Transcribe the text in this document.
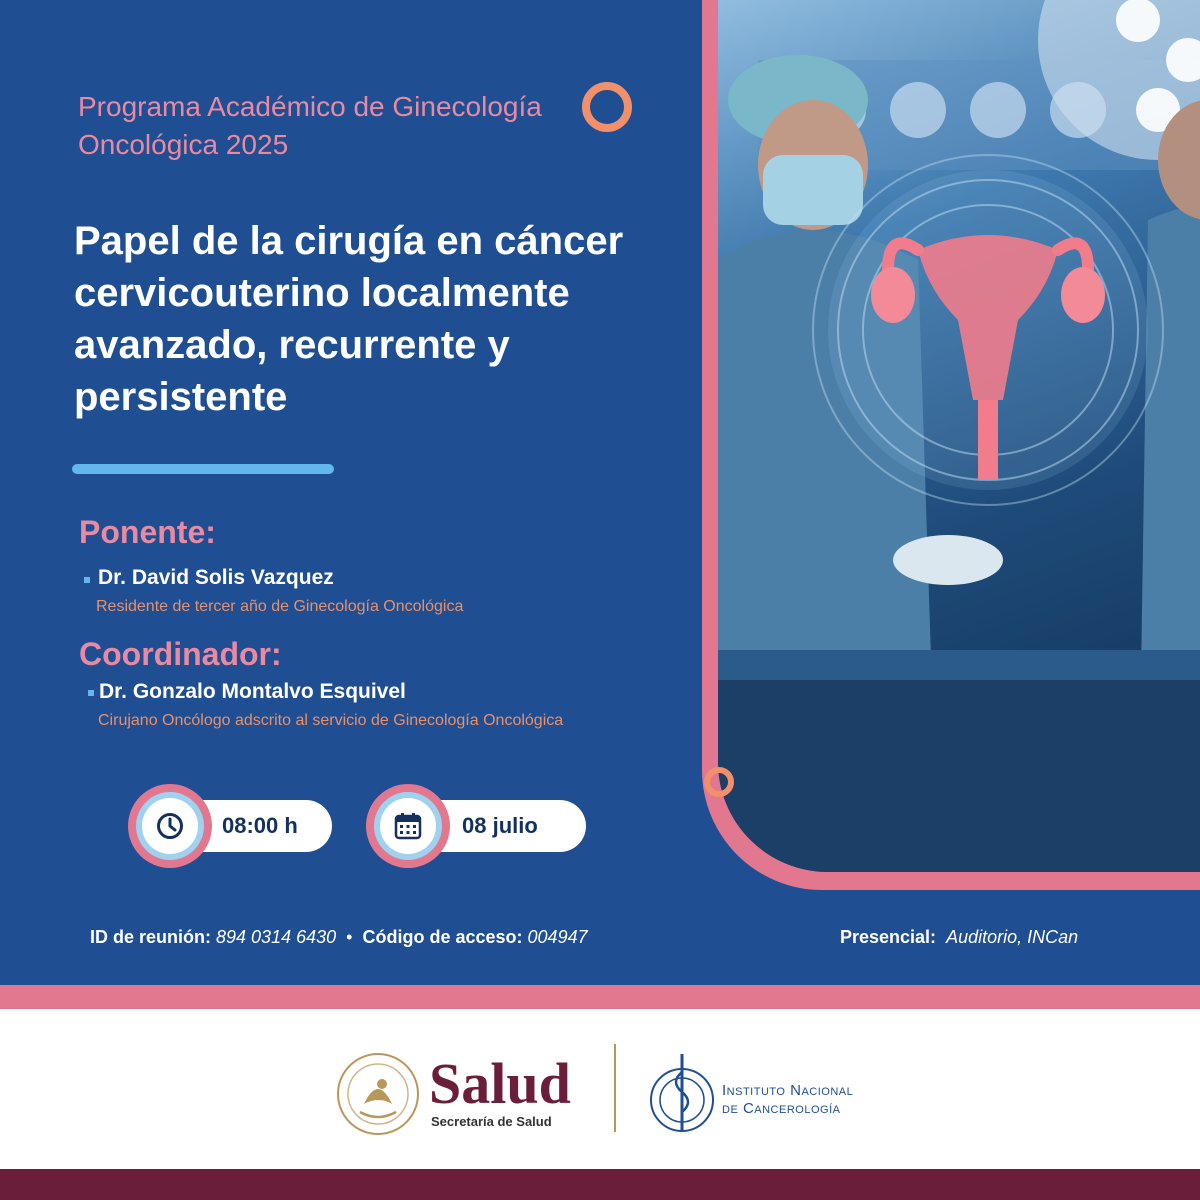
Programa Académico de Ginecología Oncológica 2025

Papel de la cirugía en cáncer cervicouterino localmente avanzado, recurrente y persistente

Ponente:

Dr. David Solis Vazquez

Residente de tercer año de Ginecología Oncológica

Coordinador:

Dr. Gonzalo Montalvo Esquivel

Cirujano Oncólogo adscrito al servicio de Ginecología Oncológica

08:00 h	08 julio

ID de reunión: 894 0314 6430 • Código de acceso: 004947	Presencial: Auditorio, INCan

Salud

Secretaría de Salud

Instituto Nacional
de Cancerología
